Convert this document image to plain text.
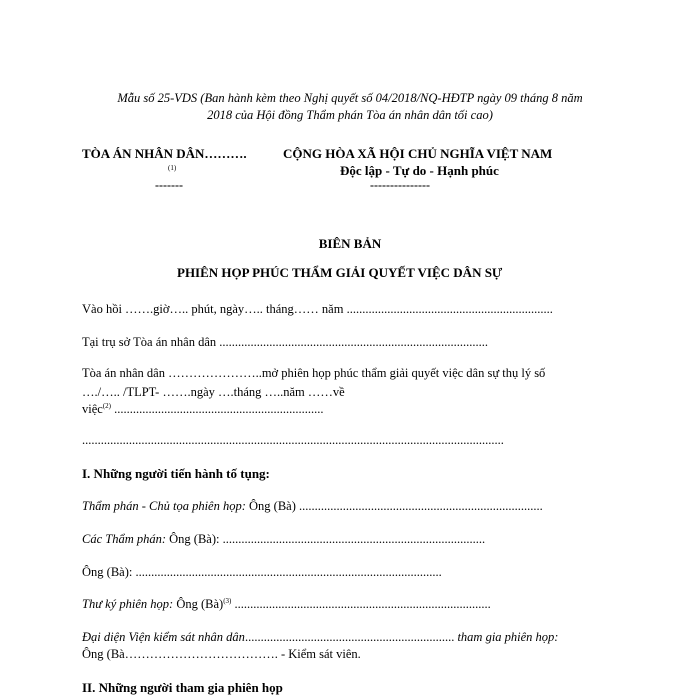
Mẫu số 25-VDS (Ban hành kèm theo Nghị quyết số 04/2018/NQ-HĐTP ngày 09 tháng 8 năm
2018 của Hội đồng Thẩm phán Tòa án nhân dân tối cao)
TÒA ÁN NHÂN DÂN……….
(1)
-------
CỘNG HÒA XÃ HỘI CHỦ NGHĨA VIỆT NAM
Độc lập - Tự do - Hạnh phúc
---------------
BIÊN BẢN
PHIÊN HỌP PHÚC THẨM GIẢI QUYẾT VIỆC DÂN SỰ
Vào hồi …….giờ….. phút, ngày….. tháng…… năm ..................................................................
Tại trụ sở Tòa án nhân dân ......................................................................................
Tòa án nhân dân …………………..mở phiên họp phúc thẩm giải quyết việc dân sự thụ lý số
…./….. /TLPT- …….ngày ….tháng …..năm ……về
việc$^{(2)}$ ...................................................................
.......................................................................................................................................
I. Những người tiến hành tố tụng:
Thẩm phán - Chủ tọa phiên họp: Ông (Bà) ..............................................................................
Các Thẩm phán: Ông (Bà): ....................................................................................
Ông (Bà): ..................................................................................................
Thư ký phiên họp: Ông (Bà)$^{(3)}$ ..................................................................................
Đại diện Viện kiểm sát nhân dân................................................................... tham gia phiên họp:
Ông (Bà………………………………. - Kiểm sát viên.
II. Những người tham gia phiên họp
